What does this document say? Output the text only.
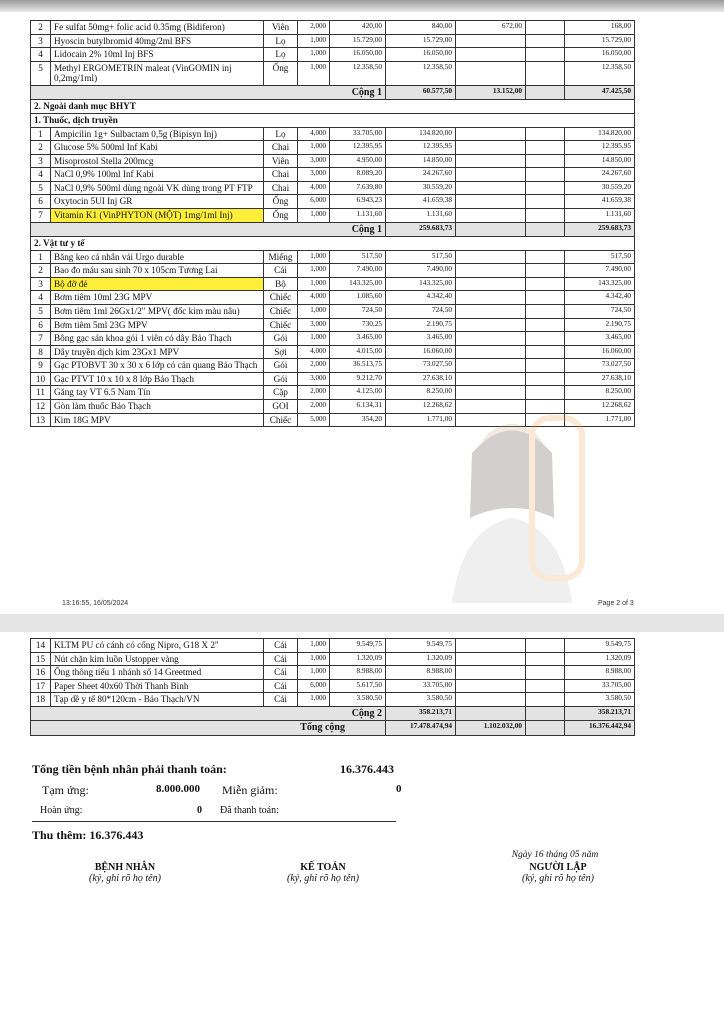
2	Fe sulfat 50mg+ folic acid 0.35mg (Bidiferon)	Viên	2,000	420,00	840,00	672,00		168,00
3	Hyoscin butylbromid 40mg/2ml BFS	Lọ	1,000	15.729,00	15.729,00			15.729,00
4	Lidocain 2% 10ml Inj BFS	Lọ	1,000	16.050,00	16.050,00			16.050,00
5	Methyl ERGOMETRIN maleat (VinGOMIN inj 0,2mg/1ml)	Ống	1,000	12.358,50	12.358,50			12.358,50
Cộng 1					60.577,50	13.152,00		47.425,50
2. Ngoài danh mục BHYT								
1. Thuốc, dịch truyền								
1	Ampicilin 1g+ Sulbactam 0,5g (Bipisyn Inj)	Lọ	4,000	33.705,00	134.820,00			134.820,00
2	Glucose 5% 500ml Inf Kabi	Chai	1,000	12.395,95	12.395,95			12.395,95
3	Misoprostol Stella 200mcg	Viên	3,000	4.950,00	14.850,00			14.850,00
4	NaCl 0,9% 100ml Inf Kabi	Chai	3,000	8.089,20	24.267,60			24.267,60
5	NaCl 0,9% 500ml dùng ngoài VK dùng trong PT FTP	Chai	4,000	7.639,80	30.559,20			30.559,20
6	Oxytocin 5UI Inj GR	Ống	6,000	6.943,23	41.659,38			41.659,38
7	Vitamin K1 (VinPHYTON (MỘT) 1mg/1ml Inj)	Ống	1,000	1.131,60	1.131,60			1.131,60
Cộng 1					259.683,73			259.683,73
2. Vật tư y tế								
1	Băng keo cá nhân vải Urgo durable	Miếng	1,000	517,50	517,50			517,50
2	Bao đo máu sau sinh 70 x 105cm Tương Lai	Cái	1,000	7.490,00	7.490,00			7.490,00
3	Bộ đỡ đẻ	Bộ	1,000	143.325,00	143.325,00			143.325,00
4	Bơm tiêm 10ml 23G MPV	Chiếc	4,000	1.085,60	4.342,40			4.342,40
5	Bơm tiêm 1ml 26Gx1/2" MPV( đốc kim màu nâu)	Chiếc	1,000	724,50	724,50			724,50
6	Bơm tiêm 5ml 23G MPV	Chiếc	3,000	730,25	2.190,75			2.190,75
7	Bông gạc sản khoa gói 1 viên có dây Bảo Thạch	Gói	1,000	3.465,00	3.465,00			3.465,00
8	Dây truyền dịch kim 23Gx1 MPV	Sợi	4,000	4.015,00	16.060,00			16.060,00
9	Gạc PTOBVT 30 x 30 x 6 lớp có cản quang Bảo Thạch	Gói	2,000	36.513,75	73.027,50			73.027,50
10	Gạc PTVT 10 x 10 x 8 lớp Bảo Thạch	Gói	3,000	9.212,70	27.638,10			27.638,10
11	Găng tay VT 6.5 Nam Tín	Cặp	2,000	4.125,00	8.250,00			8.250,00
12	Gòn làm thuốc Bảo Thạch	GOI	2,000	6.134,31	12.268,62			12.268,62
13	Kim 18G MPV	Chiếc	5,000	354,20	1.771,00			1.771,00
13:16:55, 16/05/2024	Page 2 of 3
14	KLTM PU có cánh có cổng Nipro, G18 X 2"	Cái	1,000	9.549,75	9.549,75			9.549,75
15	Nút chặn kim luồn Ustopper vàng	Cái	1,000	1.320,09	1.320,09			1.320,09
16	Ống thông tiểu 1 nhánh số 14 Greetmed	Cái	1,000	8.988,00	8.988,00			8.988,00
17	Paper Sheet 40x60 Thời Thanh Bình	Cái	6,000	5.617,50	33.705,00			33.705,00
18	Tạp dề y tế 80*120cm - Bảo Thạch/VN	Cái	1,000	3.580,50	3.580,50			3.580,50
Cộng 2					358.213,71			358.213,71
Tổng cộng					17.478.474,94	1.102.032,00		16.376.442,94
Tổng tiền bệnh nhân phải thanh toán:	16.376.443
Tạm ứng:	8.000.000 Miễn giảm:	0
Hoàn ứng:	0 Đã thanh toán:
Thu thêm: 16.376.443
Ngày 16 tháng 05 năm
BỆNH NHÂN
(ký, ghi rõ họ tên)
KẾ TOÁN
(ký, ghi rõ họ tên)
NGƯỜI LẬP
(ký, ghi rõ họ tên)
